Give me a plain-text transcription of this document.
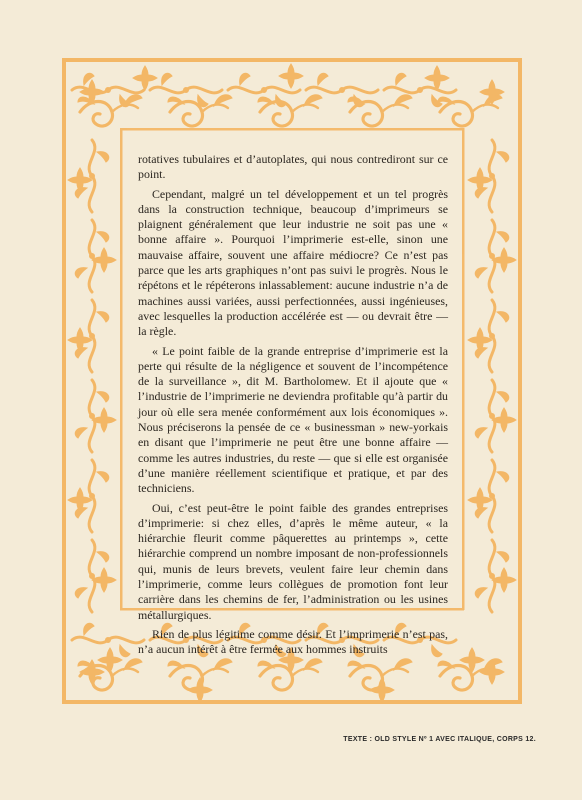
rotatives tubulaires et d’autoplates, qui nous contrediront sur ce point.

Cependant, malgré un tel développement et un tel progrès dans la construction technique, beaucoup d’imprimeurs se plaignent généralement que leur industrie ne soit pas une « bonne affaire ». Pourquoi l’imprimerie est-elle, sinon une mauvaise affaire, souvent une affaire médiocre? Ce n’est pas parce que les arts graphiques n’ont pas suivi le progrès. Nous le répétons et le répéterons inlassablement: aucune industrie n’a de machines aussi variées, aussi perfectionnées, aussi ingénieuses, avec lesquelles la production accélérée est — ou devrait être — la règle.

« Le point faible de la grande entreprise d’imprimerie est la perte qui résulte de la négligence et souvent de l’incompétence de la surveillance », dit M. Bartholomew. Et il ajoute que « l’industrie de l’imprimerie ne deviendra profitable qu’à partir du jour où elle sera menée conformément aux lois économiques ». Nous préciserons la pensée de ce « businessman » new-yorkais en disant que l’imprimerie ne peut être une bonne affaire — comme les autres industries, du reste — que si elle est organisée d’une manière réellement scientifique et pratique, et par des techniciens.

Oui, c’est peut-être le point faible des grandes entreprises d’imprimerie: si chez elles, d’après le même auteur, « la hiérarchie fleurit comme pâquerettes au printemps », cette hiérarchie comprend un nombre imposant de non-professionnels qui, munis de leurs brevets, veulent faire leur chemin dans l’imprimerie, comme leurs collègues de promotion font leur carrière dans les chemins de fer, l’administration ou les usines métallurgiques.

Rien de plus légitime comme désir. Et l’imprimerie n’est pas, n’a aucun intérêt à être fermée aux hommes instruits

TEXTE : OLD STYLE Nº 1 AVEC ITALIQUE, CORPS 12.
